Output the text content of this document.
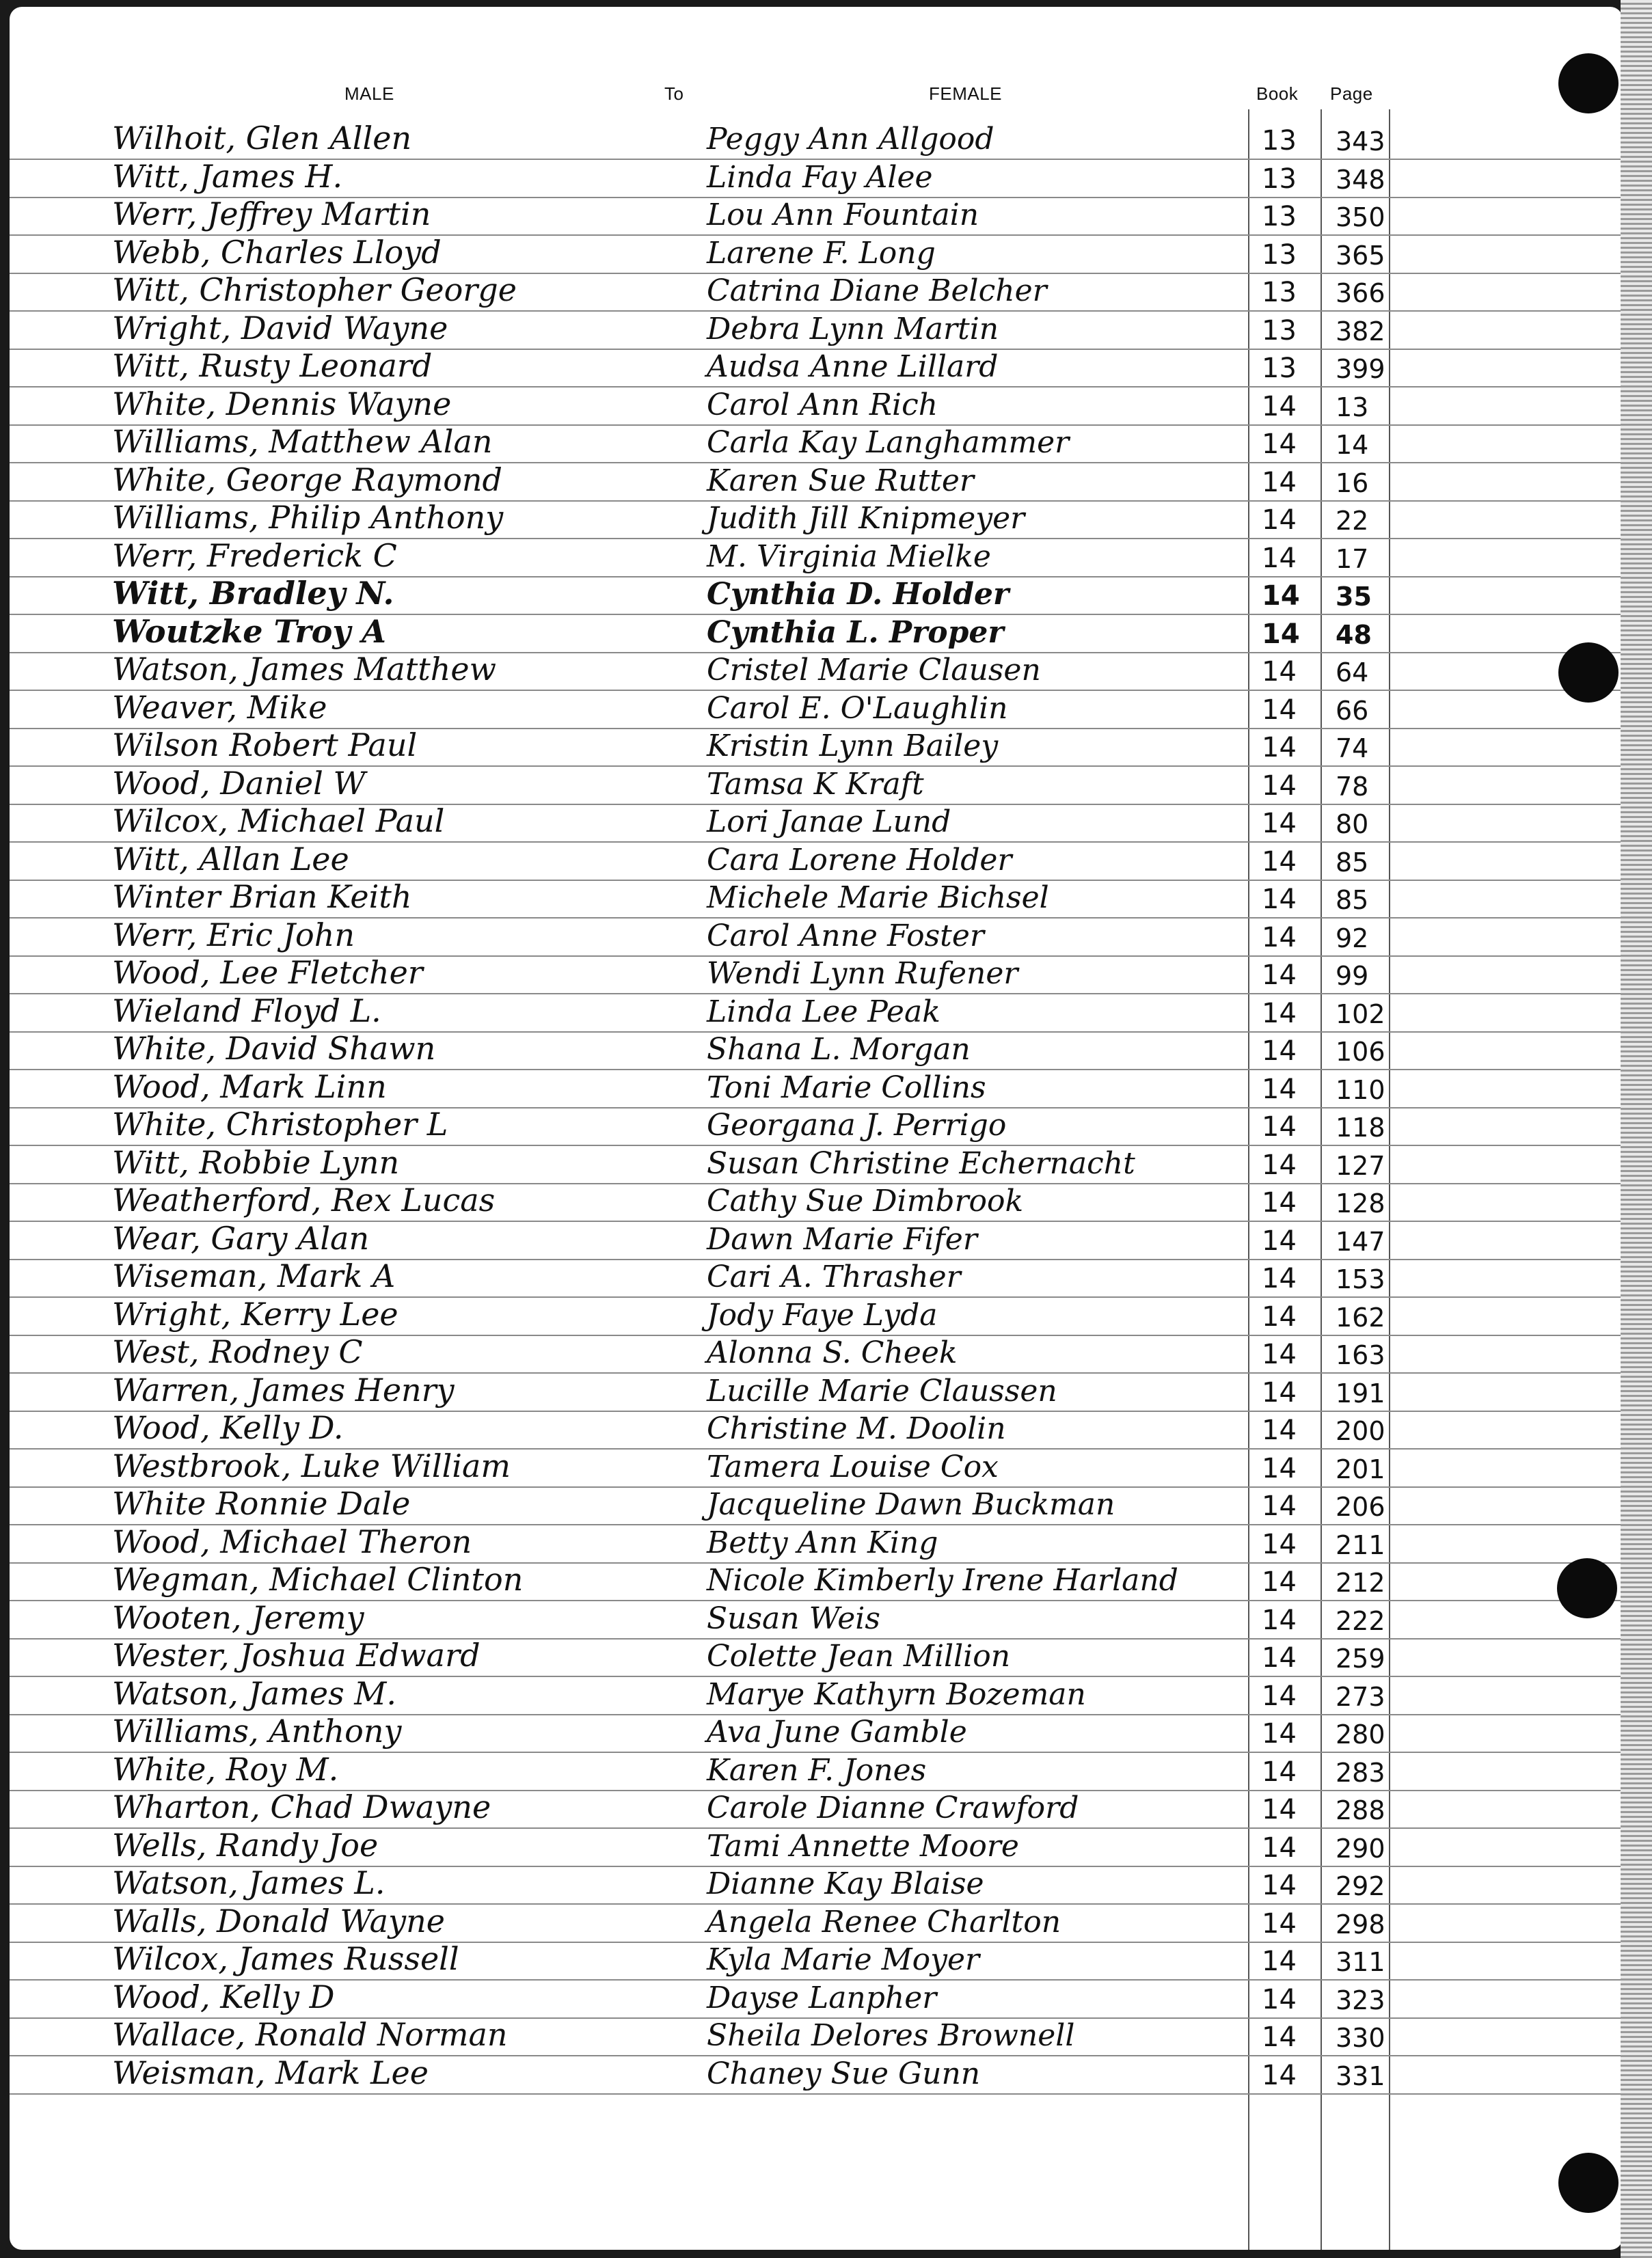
MALE	To	FEMALE	Book Page
Wilhoit, Glen Allen	Peggy Ann Allgood	13 343
Witt, James H.	Linda Fay Alee	13 348
Werr, Jeffrey Martin	Lou Ann Fountain	13 350
Webb, Charles Lloyd	Larene F. Long	13 365
Witt, Christopher George	Catrina Diane Belcher	13 366
Wright, David Wayne	Debra Lynn Martin	13 382
Witt, Rusty Leonard	Audsa Anne Lillard	13 399
White, Dennis Wayne	Carol Ann Rich	14 13
Williams, Matthew Alan	Carla Kay Langhammer	14 14
White, George Raymond	Karen Sue Rutter	14 16
Williams, Philip Anthony	Judith Jill Knipmeyer	14 22
Werr, Frederick C	M. Virginia Mielke	14 17
Witt, Bradley N.	Cynthia D. Holder	14 35
Woutzke Troy A	Cynthia L. Proper	14 48
Watson, James Matthew	Cristel Marie Clausen	14 64
Weaver, Mike	Carol E. O'Laughlin	14 66
Wilson Robert Paul	Kristin Lynn Bailey	14 74
Wood, Daniel W	Tamsa K Kraft	14 78
Wilcox, Michael Paul	Lori Janae Lund	14 80
Witt, Allan Lee	Cara Lorene Holder	14 85
Winter Brian Keith	Michele Marie Bichsel	14 85
Werr, Eric John	Carol Anne Foster	14 92
Wood, Lee Fletcher	Wendi Lynn Rufener	14 99
Wieland Floyd L.	Linda Lee Peak	14 102
White, David Shawn	Shana L. Morgan	14 106
Wood, Mark Linn	Toni Marie Collins	14 110
White, Christopher L	Georgana J. Perrigo	14 118
Witt, Robbie Lynn	Susan Christine Echernacht	14 127
Weatherford, Rex Lucas	Cathy Sue Dimbrook	14 128
Wear, Gary Alan	Dawn Marie Fifer	14 147
Wiseman, Mark A	Cari A. Thrasher	14 153
Wright, Kerry Lee	Jody Faye Lyda	14 162
West, Rodney C	Alonna S. Cheek	14 163
Warren, James Henry	Lucille Marie Claussen	14 191
Wood, Kelly D.	Christine M. Doolin	14 200
Westbrook, Luke William	Tamera Louise Cox	14 201
White Ronnie Dale	Jacqueline Dawn Buckman	14 206
Wood, Michael Theron	Betty Ann King	14 211
Wegman, Michael Clinton	Nicole Kimberly Irene Harland	14 212
Wooten, Jeremy	Susan Weis	14 222
Wester, Joshua Edward	Colette Jean Million	14 259
Watson, James M.	Marye Kathyrn Bozeman	14 273
Williams, Anthony	Ava June Gamble	14 280
White, Roy M.	Karen F. Jones	14 283
Wharton, Chad Dwayne	Carole Dianne Crawford	14 288
Wells, Randy Joe	Tami Annette Moore	14 290
Watson, James L.	Dianne Kay Blaise	14 292
Walls, Donald Wayne	Angela Renee Charlton	14 298
Wilcox, James Russell	Kyla Marie Moyer	14 311
Wood, Kelly D	Dayse Lanpher	14 323
Wallace, Ronald Norman	Sheila Delores Brownell	14 330
Weisman, Mark Lee	Chaney Sue Gunn	14 331
